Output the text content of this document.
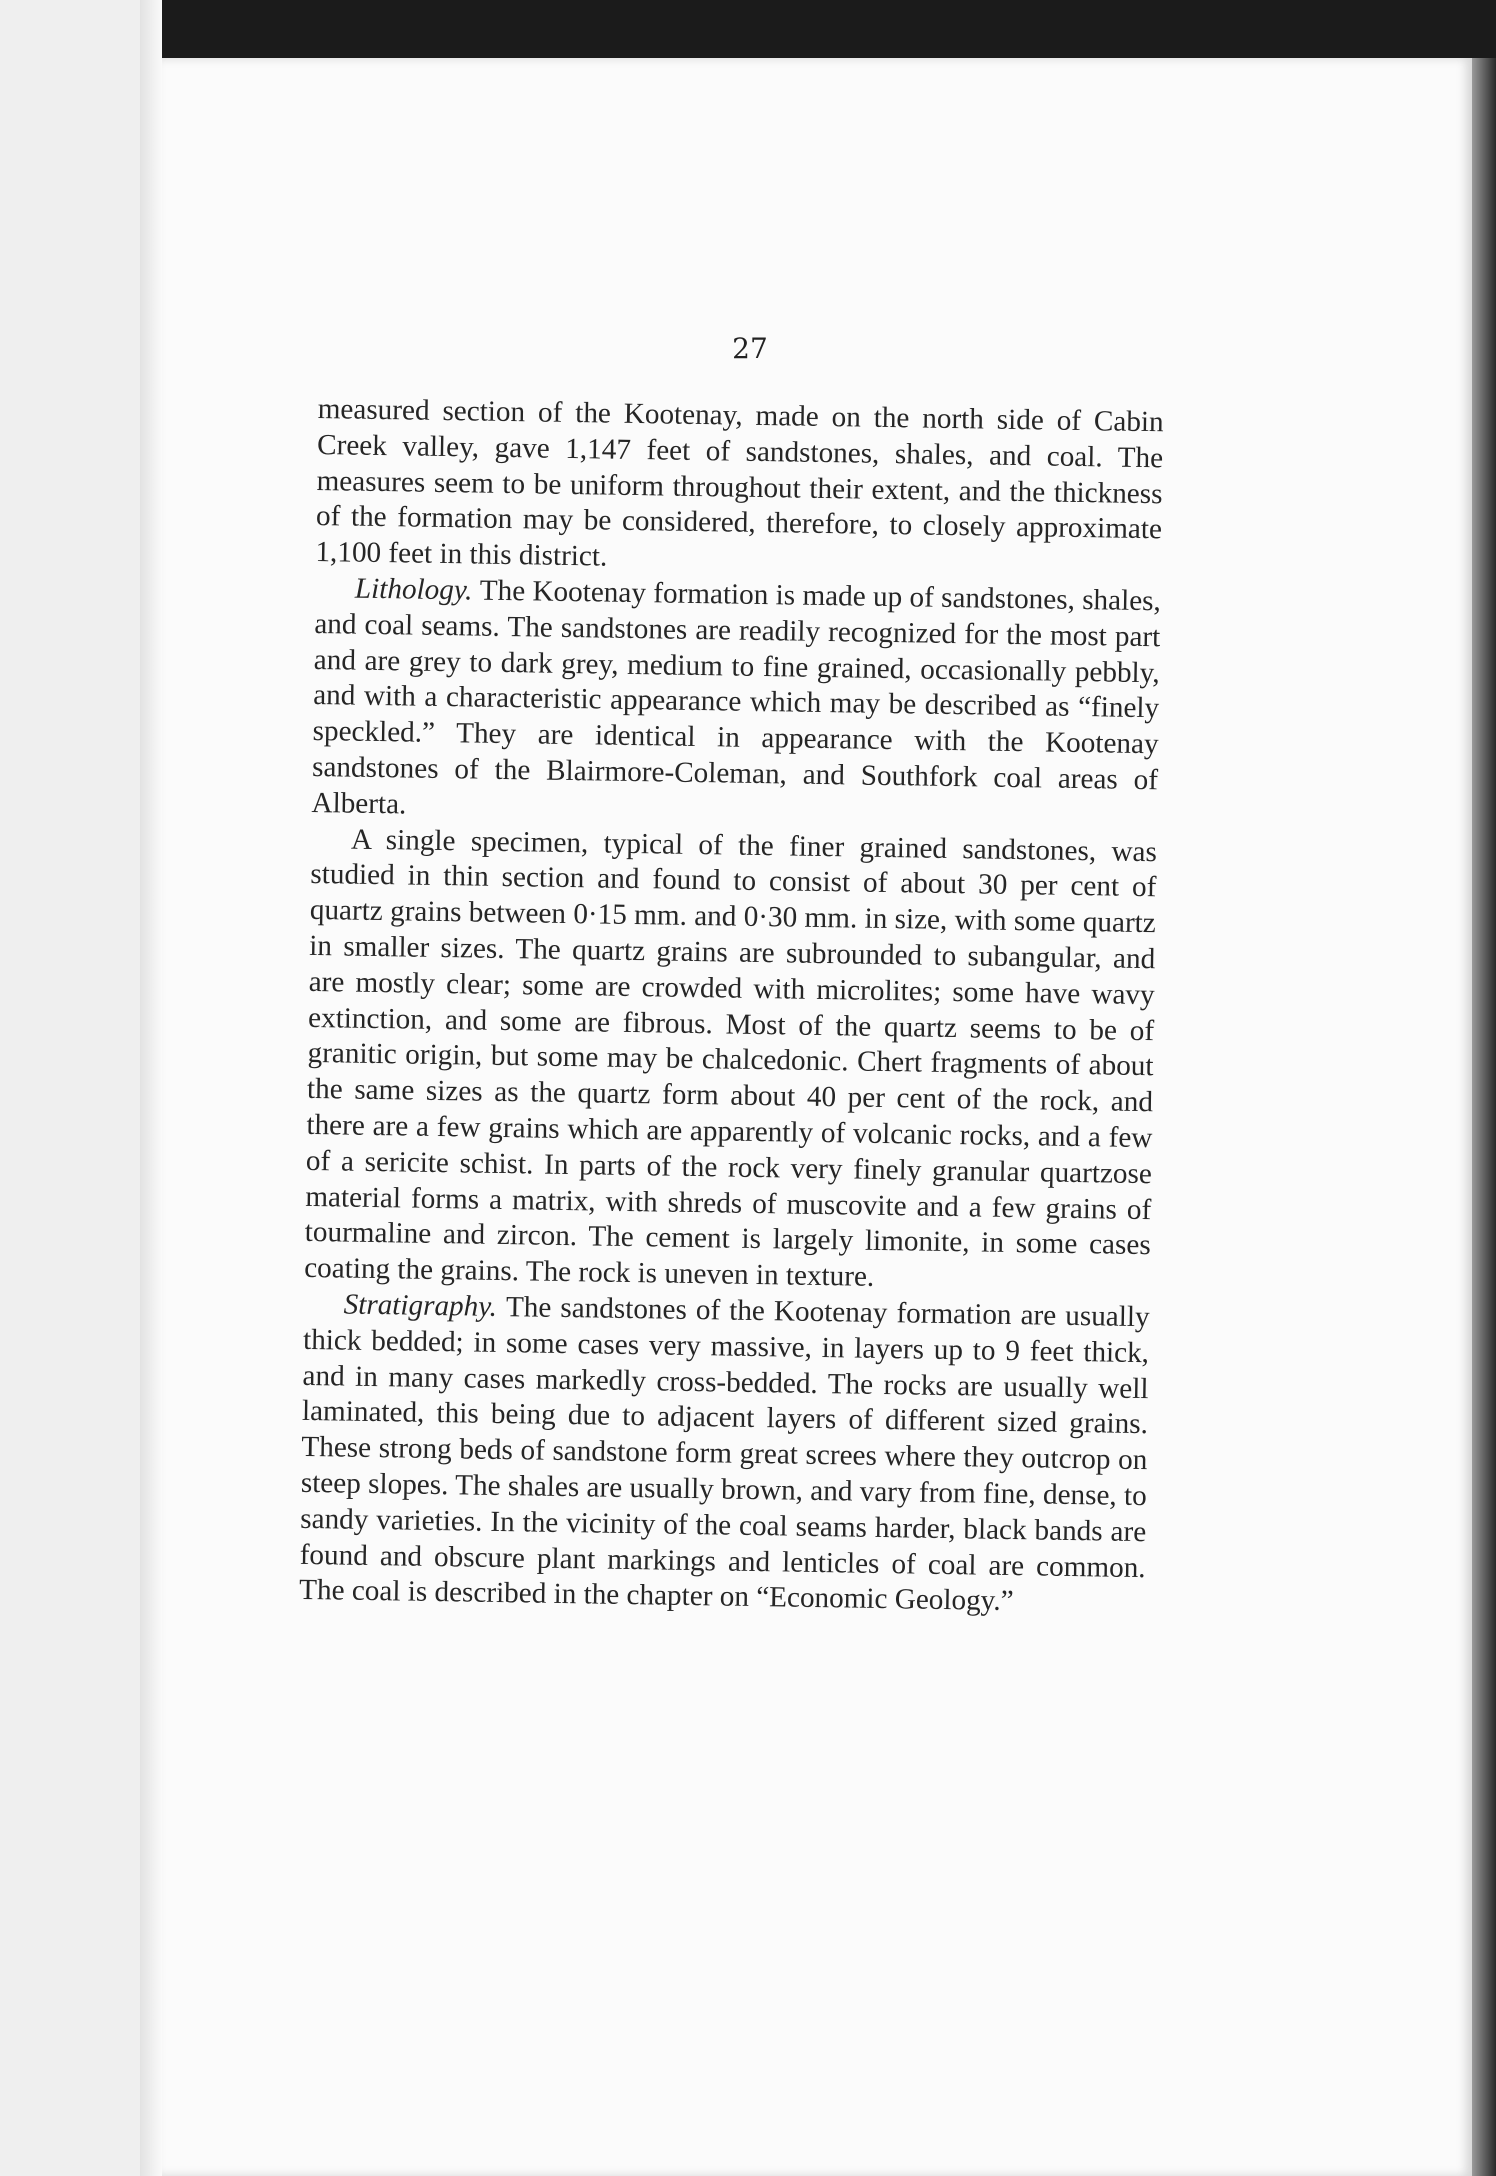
27

measured section of the Kootenay, made on the north side of Cabin Creek valley, gave 1,147 feet of sandstones, shales, and coal. The measures seem to be uniform throughout their extent, and the thickness of the formation may be considered, therefore, to closely approximate 1,100 feet in this district.

Lithology. The Kootenay formation is made up of sandstones, shales, and coal seams. The sandstones are readily recognized for the most part and are grey to dark grey, medium to fine grained, occasionally pebbly, and with a characteristic appearance which may be described as “finely speckled.” They are identical in appearance with the Kootenay sandstones of the Blairmore-Coleman, and Southfork coal areas of Alberta.

A single specimen, typical of the finer grained sandstones, was studied in thin section and found to consist of about 30 per cent of quartz grains between 0·15 mm. and 0·30 mm. in size, with some quartz in smaller sizes. The quartz grains are subrounded to subangular, and are mostly clear; some are crowded with microlites; some have wavy extinction, and some are fibrous. Most of the quartz seems to be of granitic origin, but some may be chalcedonic. Chert fragments of about the same sizes as the quartz form about 40 per cent of the rock, and there are a few grains which are apparently of volcanic rocks, and a few of a sericite schist. In parts of the rock very finely granular quartzose material forms a matrix, with shreds of muscovite and a few grains of tourmaline and zircon. The cement is largely limonite, in some cases coating the grains. The rock is uneven in texture.

Stratigraphy. The sandstones of the Kootenay formation are usually thick bedded; in some cases very massive, in layers up to 9 feet thick, and in many cases markedly cross-bedded. The rocks are usually well laminated, this being due to adjacent layers of different sized grains. These strong beds of sandstone form great screes where they outcrop on steep slopes. The shales are usually brown, and vary from fine, dense, to sandy varieties. In the vicinity of the coal seams harder, black bands are found and obscure plant markings and lenticles of coal are common. The coal is described in the chapter on “Economic Geology.”
